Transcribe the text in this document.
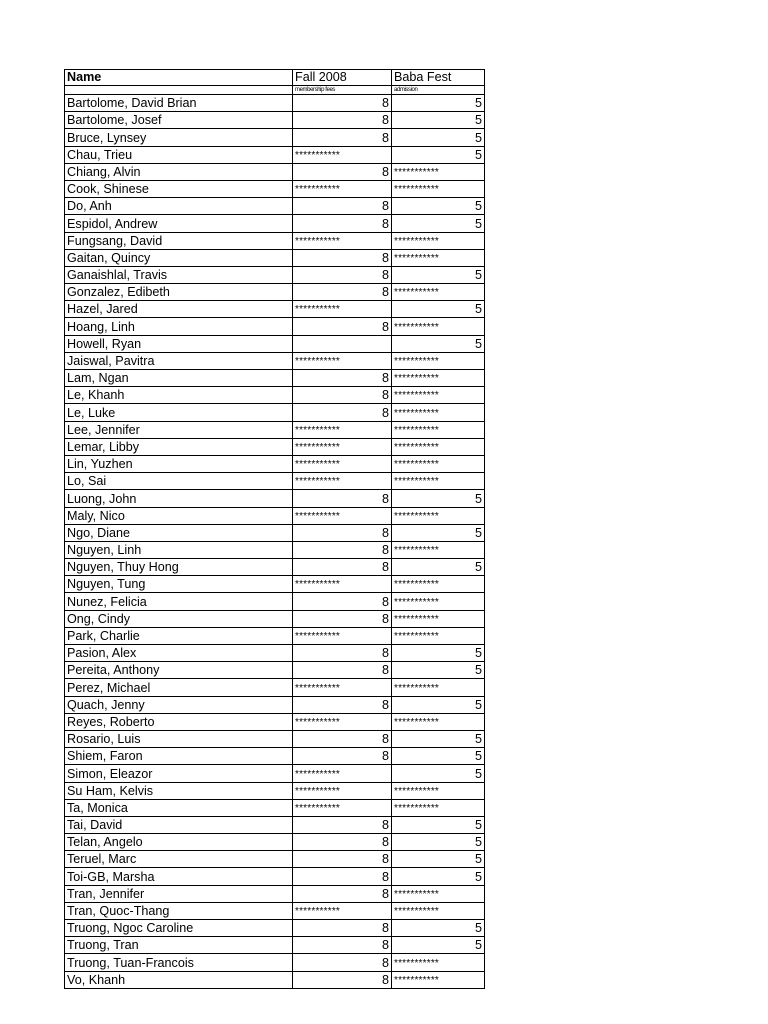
Name	Fall 2008	Baba Fest
	membership fees	admission
Bartolome, David Brian	8	5
Bartolome, Josef	8	5
Bruce, Lynsey	8	5
Chau, Trieu	***********	5
Chiang, Alvin	8	***********
Cook, Shinese	***********	***********
Do, Anh	8	5
Espidol, Andrew	8	5
Fungsang, David	***********	***********
Gaitan, Quincy	8	***********
Ganaishlal, Travis	8	5
Gonzalez, Edibeth	8	***********
Hazel, Jared	***********	5
Hoang, Linh	8	***********
Howell, Ryan		5
Jaiswal, Pavitra	***********	***********
Lam, Ngan	8	***********
Le, Khanh	8	***********
Le, Luke	8	***********
Lee, Jennifer	***********	***********
Lemar, Libby	***********	***********
Lin, Yuzhen	***********	***********
Lo, Sai	***********	***********
Luong, John	8	5
Maly, Nico	***********	***********
Ngo, Diane	8	5
Nguyen, Linh	8	***********
Nguyen, Thuy Hong	8	5
Nguyen, Tung	***********	***********
Nunez, Felicia	8	***********
Ong, Cindy	8	***********
Park, Charlie	***********	***********
Pasion, Alex	8	5
Pereita, Anthony	8	5
Perez, Michael	***********	***********
Quach, Jenny	8	5
Reyes, Roberto	***********	***********
Rosario, Luis	8	5
Shiem, Faron	8	5
Simon, Eleazor	***********	5
Su Ham, Kelvis	***********	***********
Ta, Monica	***********	***********
Tai, David	8	5
Telan, Angelo	8	5
Teruel, Marc	8	5
Toi-GB, Marsha	8	5
Tran, Jennifer	8	***********
Tran, Quoc-Thang	***********	***********
Truong, Ngoc Caroline	8	5
Truong, Tran	8	5
Truong, Tuan-Francois	8	***********
Vo, Khanh	8	***********
